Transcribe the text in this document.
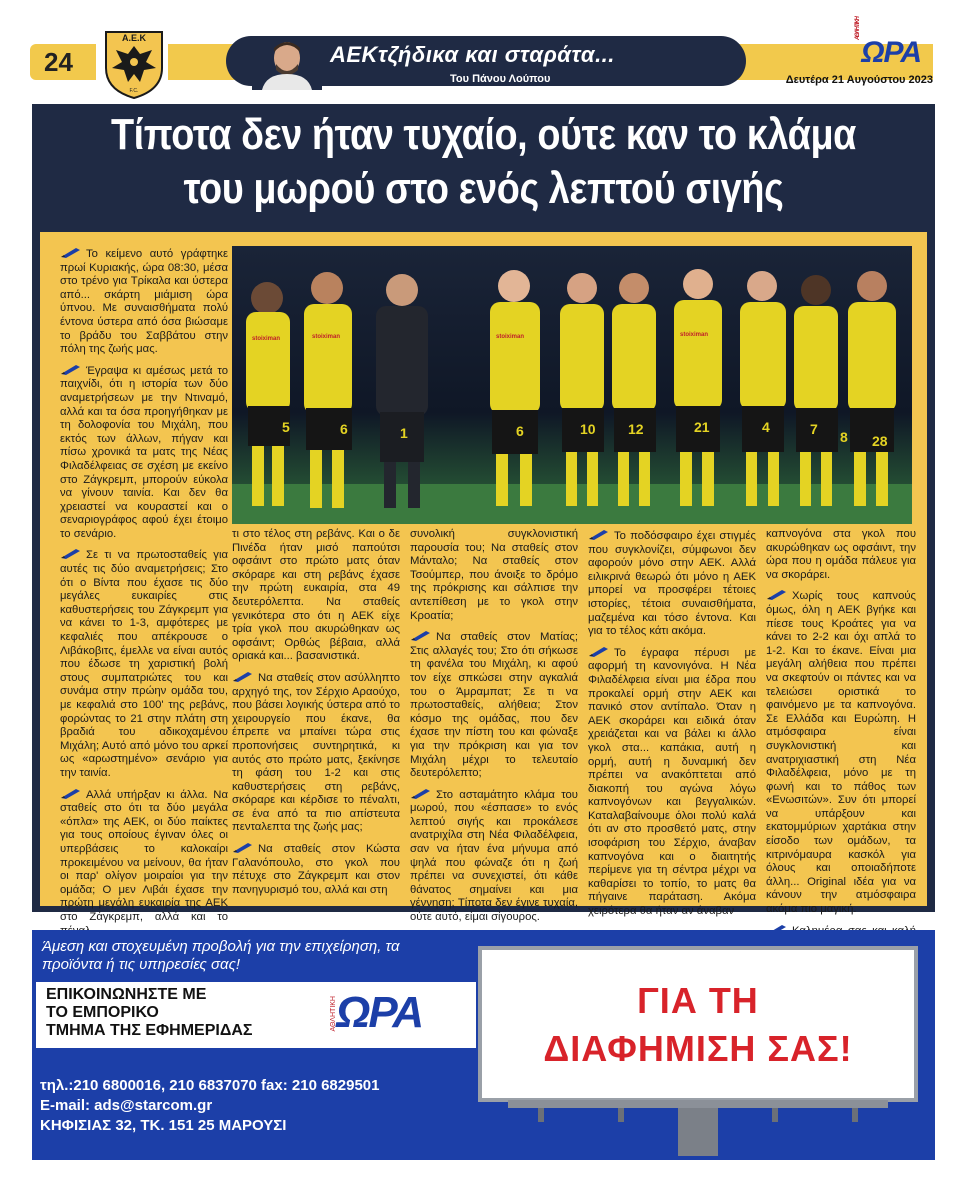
24
Α.Ε.Κ
F.C.
AEKτζήδικα και σταράτα...
Του Πάνου Λούπου
ΑΘΛΗΤΙΚΗ
ΩΡΑ
Δευτέρα 21 Αυγούστου 2023
Τίποτα δεν ήταν τυχαίο, ούτε καν το κλάμα
του μωρού στο ενός λεπτού σιγής
5	6	1	6	10 12	21	4	7 8 28
stoiximan	stoiximan	stoiximan	stoiximan

Το κείμενο αυτό γράφτηκε πρωί Κυριακής, ώρα 08:30, μέσα στο τρένο για Τρίκαλα και ύστερα από... σκάρτη μιάμιση ώρα ύπνου. Με συναισθήματα πολύ έντονα ύστερα από όσα βιώσαμε το βράδυ του Σαββάτου στην πόλη της ζωής μας.

Έγραψα κι αμέσως μετά το παιχνίδι, ότι η ιστορία των δύο αναμετρήσεων με την Ντιναμό, αλλά και τα όσα προηγήθηκαν με τη δολοφονία του Μιχάλη, που εκτός των άλλων, πήγαν και πίσω χρονικά τα ματς της Νέας Φιλαδέλφειας σε σχέση με εκείνο στο Ζάγκρεμπ, μπορούν εύκολα να γίνουν ταινία. Και δεν θα χρειαστεί να κουραστεί και ο σεναριογράφος αφού έχει έτοιμο το σενάριο.

Σε τι να πρωτοσταθείς για αυτές τις δύο αναμετρήσεις; Στο ότι ο Βίντα που έχασε τις δύο μεγάλες ευκαιρίες στις καθυστερήσεις του Ζάγκρεμπ για να κάνει το 1-3, αμφότερες με κεφαλιές που απέκρουσε ο Λιβάκοβιτς, έμελλε να είναι αυτός που έδωσε τη χαριστική βολή στους συμπατριώτες του και συνάμα στην πρώην ομάδα του, με κεφαλιά στο 100' της ρεβάνς, φορώντας το 21 στην πλάτη στη βραδιά του αδικοχαμένου Μιχάλη; Αυτό από μόνο του αρκεί ως «αρωστημένο» σενάριο για την ταινία.

Αλλά υπήρξαν κι άλλα. Να σταθείς στο ότι τα δύο μεγάλα «όπλα» της ΑΕΚ, οι δύο παίκτες για τους οποίους έγιναν όλες οι υπερβάσεις το καλοκαίρι προκειμένου να μείνουν, θα ήταν οι παρ' ολίγον μοιραίοι για την ομάδα; Ο μεν Λιβάι έχασε την πρώτη μεγάλη ευκαιρία της ΑΕΚ στο Ζάγκρεμπ, αλλά και το

τι στο τέλος στη ρεβάνς. Και ο δε Πινέδα ήταν μισό παπούτσι οφσάιντ στο πρώτο ματς όταν σκόραρε και στη ρεβάνς έχασε την πρώτη ευκαιρία, στα 49 δευτερόλεπτα. Να σταθείς γενικότερα στο ότι η ΑΕΚ είχε τρία γκολ που ακυρώθηκαν ως οφσάιντ; Ορθώς βέβαια, αλλά οριακά και... βασανιστικά.

Να σταθείς στον ασύλληπτο αρχηγό της, τον Σέρχιο Αραούχο, που βάσει λογικής ύστερα από το χειρουργείο που έκανε, θα έπρεπε να μπαίνει τώρα στις προπονήσεις συντηρητικά, κι αυτός στο πρώτο ματς, ξεκίνησε τη φάση του 1-2 και στις καθυστερήσεις στη ρεβάνς, σκόραρε και κέρδισε το πέναλτι, σε ένα από τα πιο απίστευτα πενταλεπτα της ζωής μας;

Να σταθείς στον Κώστα Γαλανόπουλο, στο γκολ που πέτυχε στο Ζάγκρεμπ και στον πανηγυρισμό του, αλλά και στη

συνολική συγκλονιστική παρουσία του; Να σταθείς στον Μάνταλο; Να σταθείς στον Τσούμπερ, που άνοιξε το δρόμο της πρόκρισης και σάλπισε την αντεπίθεση με το γκολ στην Κροατία;

Να σταθείς στον Ματίας; Στις αλλαγές του; Στο ότι σήκωσε τη φανέλα του Μιχάλη, κι αφού τον είχε σπκώσει στην αγκαλιά του ο Άμραμπατ; Σε τι να πρωτοσταθείς, αλήθεια; Στον κόσμο της ομάδας, που δεν έχασε την πίστη του και φώναξε για την πρόκριση και για τον Μιχάλη μέχρι το τελευταίο δευτερόλεπτο;

Στο ασταμάτητο κλάμα του μωρού, που «έσπασε» το ενός λεπτού σιγής και προκάλεσε ανατριχίλα στη Νέα Φιλαδέλφεια, σαν να ήταν ένα μήνυμα από ψηλά που φώναζε ότι η ζωή πρέπει να συνεχιστεί, ότι κάθε θάνατος σημαίνει και μια γέννηση; Τίποτα δεν έγινε τυχαία, ούτε αυτό, είμαι σίγουρος.

Το ποδόσφαιρο έχει στιγμές που συγκλονίζει, σύμφωνοι δεν αφορούν μόνο στην ΑΕΚ. Αλλά ειλικρινά θεωρώ ότι μόνο η ΑΕΚ μπορεί να προσφέρει τέτοιες ιστορίες, τέτοια συναισθήματα, μαζεμένα και τόσο έντονα. Και για το τέλος κάτι ακόμα.

Το έγραφα πέρυσι με αφορμή τη κανονιγόνα. Η Νέα Φιλαδέλφεια είναι μια έδρα που προκαλεί ορμή στην ΑΕΚ και πανικό στον αντίπαλο. Όταν η ΑΕΚ σκοράρει και ειδικά όταν χρειάζεται και να βάλει κι άλλο γκολ στα... καπάκια, αυτή η ορμή, αυτή η δυναμική δεν πρέπει να ανακόπτεται από διακοπή του αγώνα λόγω καπνογόνων και βεγγαλικών. Καταλαβαίνουμε όλοι πολύ καλά ότι αν στο προσθετό ματς, στην ισοφάριση του Σέρχιο, άναβαν καπνογόνα και ο διαιτητής περίμενε για τη σέντρα μέχρι να καθαρίσει το τοπίο, το ματς θα πήγαινε παράταση. Ακόμα χειρότερα θα ήταν αν άναβαν

καπνογόνα στα γκολ που ακυρώθηκαν ως οφσάιντ, την ώρα που η ομάδα πάλευε για να σκοράρει.

Χωρίς τους καπνούς όμως, όλη η ΑΕΚ βγήκε και πίεσε τους Κροάτες για να κάνει το 2-2 και όχι απλά το 1-2. Και το έκανε. Είναι μια μεγάλη αλήθεια που πρέπει να σκεφτούν οι πάντες και να τελειώσει οριστικά το φαινόμενο με τα καπνογόνα. Σε Ελλάδα και Ευρώπη. Η ατμόσφαιρα είναι συγκλονιστική και ανατριχιαστική στη Νέα Φιλαδέλφεια, μόνο με τη φωνή και το πάθος των «Ενωσιτών». Συν ότι μπορεί να υπάρξουν και εκατομμύριων χαρτάκια στην είσοδο των ομάδων, τα κιτρινόμαυρα κασκόλ για όλους και οποιαδήποτε άλλη... Original ιδέα για να κάνουν την ατμόσφαιρα ακόμα πιο μαγική.

Άμεση και στοχευμένη προβολή για την επιχείρηση, τα προϊόντα ή τις υπηρεσίες σας!
ΕΠΙΚΟΙΝΩΝΗΣΤΕ ΜΕ
ΤΟ ΕΜΠΟΡΙΚΟ
ΤΜΗΜΑ ΤΗΣ ΕΦΗΜΕΡΙΔΑΣ	ΑΘΛΗΤΙΚΗ ΩΡΑ
τηλ.:210 6800016, 210 6837070 fax: 210 6829501
E-mail: ads@starcom.gr
ΚΗΦΙΣΙΑΣ 32, ΤΚ. 151 25 ΜΑΡΟΥΣΙ
ΓΙΑ ΤΗ
ΔΙΑΦΗΜΙΣΗ ΣΑΣ!
